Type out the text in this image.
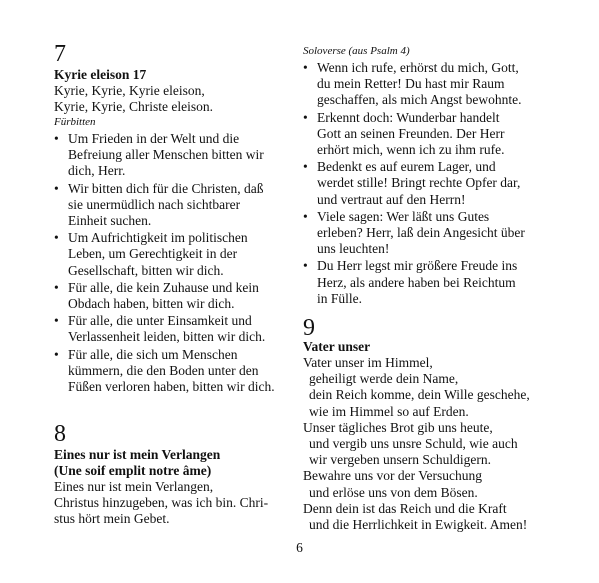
7
Kyrie eleison 17
Kyrie, Kyrie, Kyrie eleison,
Kyrie, Kyrie, Christe eleison.
Fürbitten
• Um Frieden in der Welt und die
Befreiung aller Menschen bitten wir
dich, Herr.
• Wir bitten dich für die Christen, daß
sie unermüdlich nach sichtbarer
Einheit suchen.
• Um Aufrichtigkeit im politischen
Leben, um Gerechtigkeit in der
Gesellschaft, bitten wir dich.
• Für alle, die kein Zuhause und kein
Obdach haben, bitten wir dich.
• Für alle, die unter Einsamkeit und
Verlassenheit leiden, bitten wir dich.
• Für alle, die sich um Menschen
kümmern, die den Boden unter den
Füßen verloren haben, bitten wir dich.
8
Eines nur ist mein Verlangen
(Une soif emplit notre âme)
Eines nur ist mein Verlangen,
Christus hinzugeben, was ich bin. Chri-
stus hört mein Gebet.
Soloverse (aus Psalm 4)
• Wenn ich rufe, erhörst du mich, Gott,
du mein Retter! Du hast mir Raum
geschaffen, als mich Angst bewohnte.
• Erkennt doch: Wunderbar handelt
Gott an seinen Freunden. Der Herr
erhört mich, wenn ich zu ihm rufe.
• Bedenkt es auf eurem Lager, und
werdet stille! Bringt rechte Opfer dar,
und vertraut auf den Herrn!
• Viele sagen: Wer läßt uns Gutes
erleben? Herr, laß dein Angesicht über
uns leuchten!
• Du Herr legst mir größere Freude ins
Herz, als andere haben bei Reichtum
in Fülle.
9
Vater unser
Vater unser im Himmel,
geheiligt werde dein Name,
dein Reich komme, dein Wille geschehe,
wie im Himmel so auf Erden.
Unser tägliches Brot gib uns heute,
und vergib uns unsre Schuld, wie auch
wir vergeben unsern Schuldigern.
Bewahre uns vor der Versuchung
und erlöse uns von dem Bösen.
Denn dein ist das Reich und die Kraft
und die Herrlichkeit in Ewigkeit. Amen!
6
